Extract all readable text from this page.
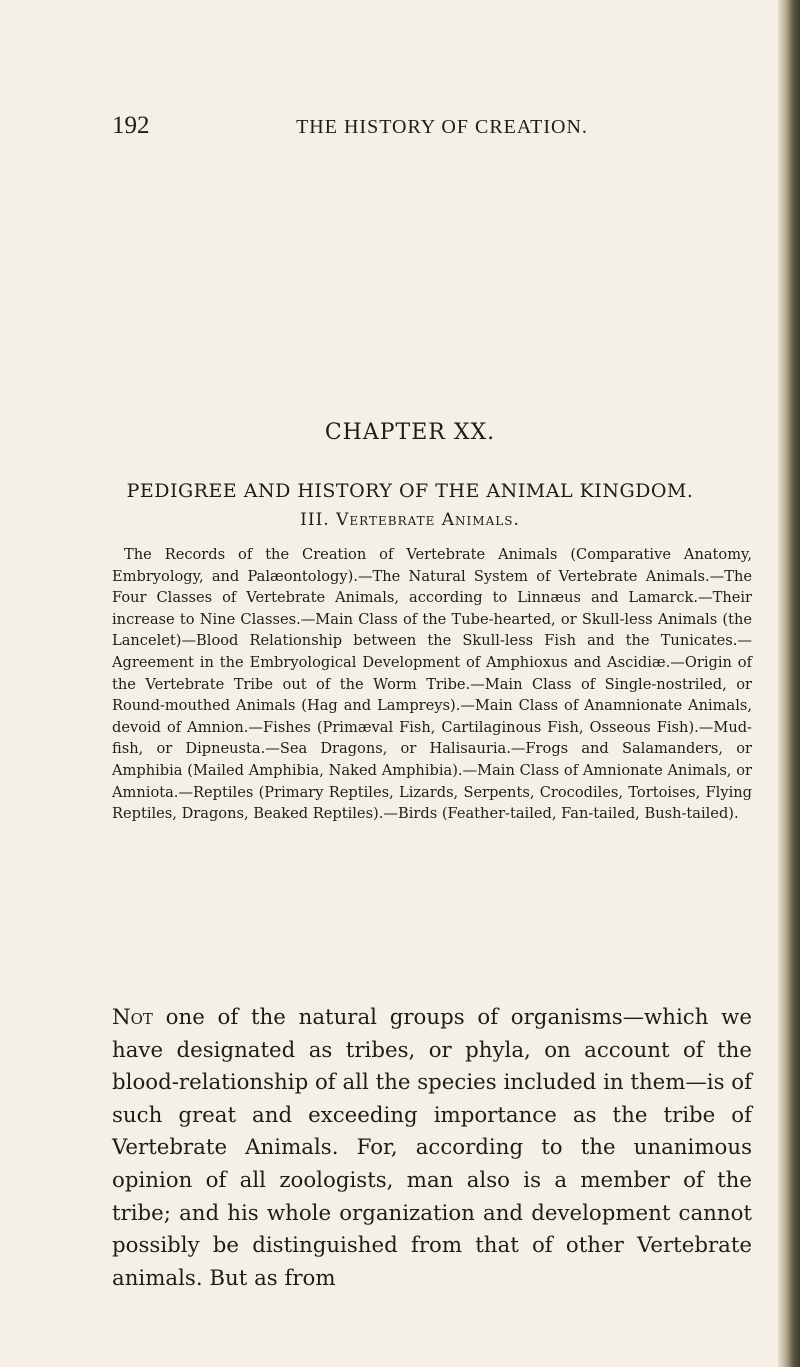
192	THE HISTORY OF CREATION.
CHAPTER XX.
PEDIGREE AND HISTORY OF THE ANIMAL KINGDOM.
III. Vertebrate Animals.

The Records of the Creation of Vertebrate Animals (Comparative Anatomy, Embryology, and Palæontology).—The Natural System of Vertebrate Animals.—The Four Classes of Vertebrate Animals, according to Linnæus and Lamarck.—Their increase to Nine Classes.—Main Class of the Tube-hearted, or Skull-less Animals (the Lancelet)—Blood Relationship between the Skull-less Fish and the Tunicates.—Agreement in the Embryological Development of Amphioxus and Ascidiæ.—Origin of the Vertebrate Tribe out of the Worm Tribe.—Main Class of Single-nostriled, or Round-mouthed Animals (Hag and Lampreys).—Main Class of Anamnionate Animals, devoid of Amnion.—Fishes (Primæval Fish, Cartilaginous Fish, Osseous Fish).—Mud-fish, or Dipneusta.—Sea Dragons, or Halisauria.—Frogs and Salamanders, or Amphibia (Mailed Amphibia, Naked Amphibia).—Main Class of Amnionate Animals, or Amniota.—Reptiles (Primary Reptiles, Lizards, Serpents, Crocodiles, Tortoises, Flying Reptiles, Dragons, Beaked Reptiles).—Birds (Feather-tailed, Fan-tailed, Bush-tailed).

Not one of the natural groups of organisms—which we have designated as tribes, or phyla, on account of the blood-relationship of all the species included in them—is of such great and exceeding importance as the tribe of Vertebrate Animals. For, according to the unanimous opinion of all zoologists, man also is a member of the tribe; and his whole organization and development cannot possibly be distinguished from that of other Vertebrate animals. But as from
